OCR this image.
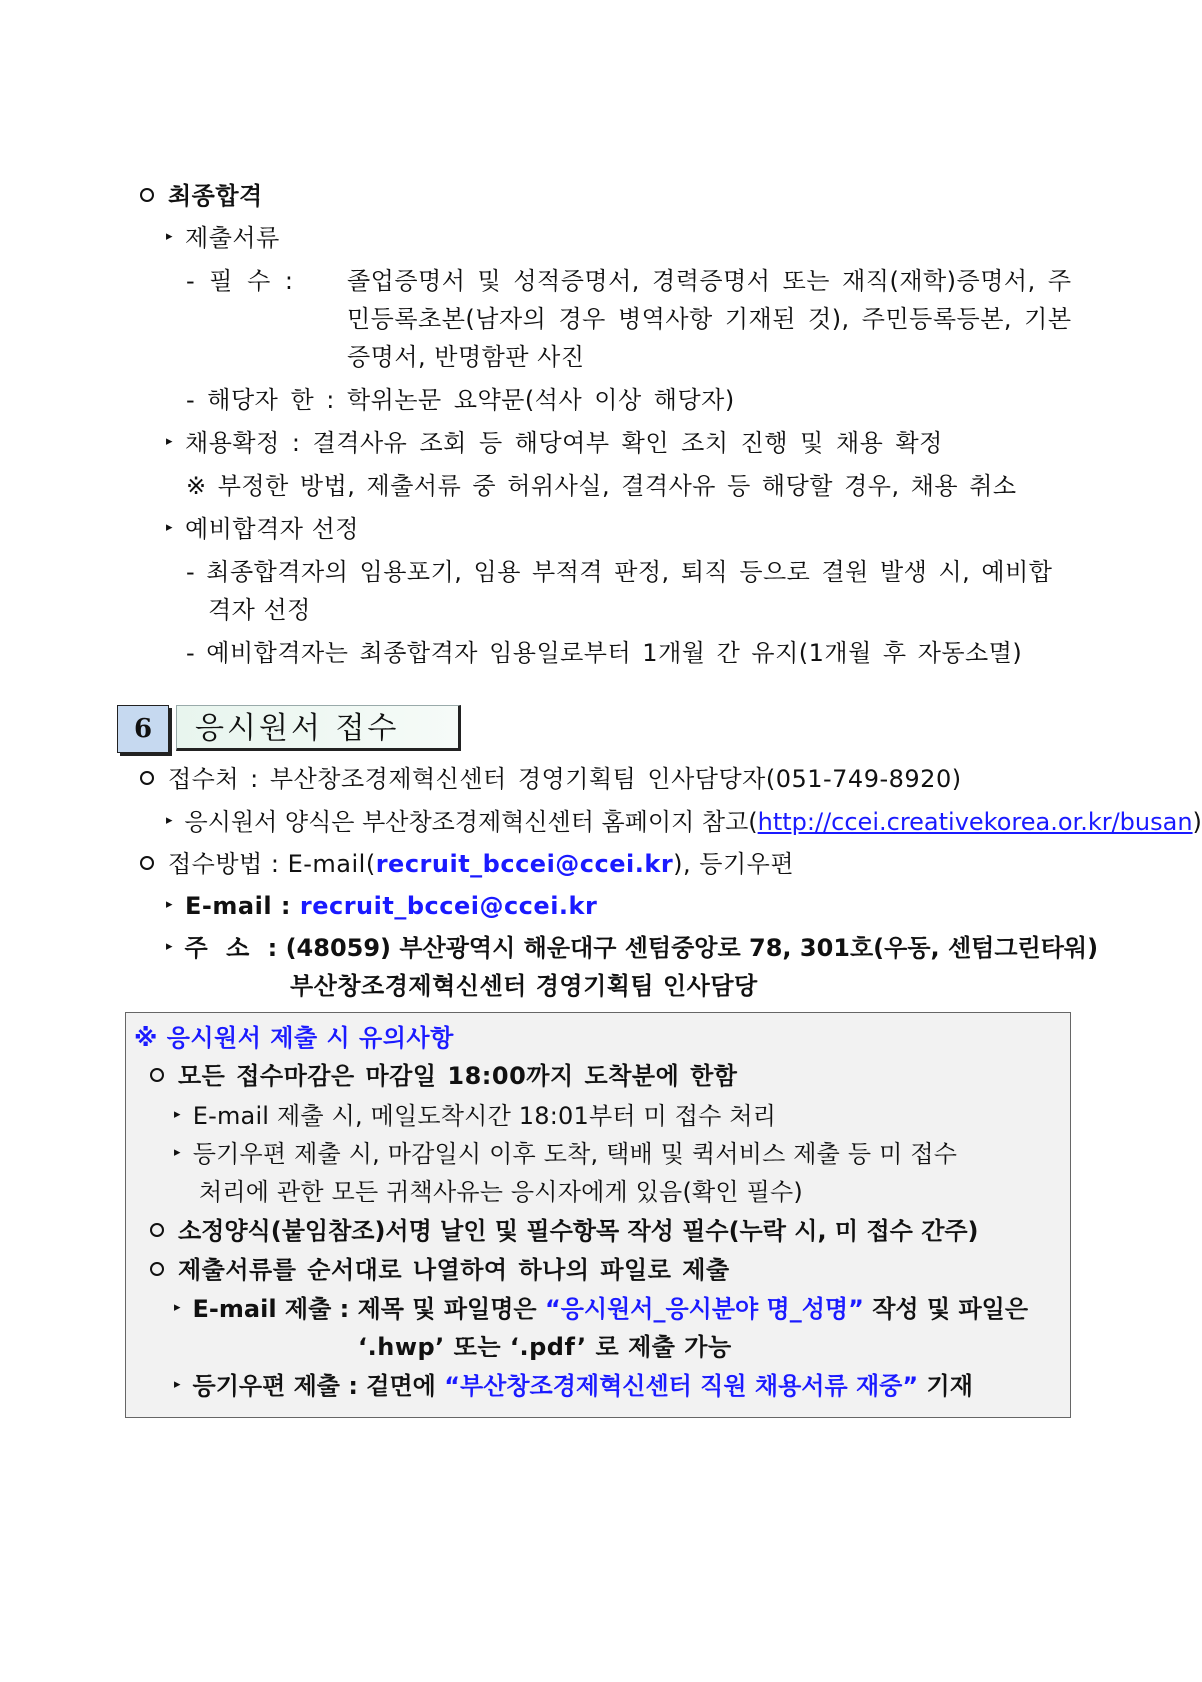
최종합격
▸ 제출서류
- 필 수 : 졸업증명서 및 성적증명서, 경력증명서 또는 재직(재학)증명서, 주
민등록초본(남자의 경우 병역사항 기재된 것), 주민등록등본, 기본
증명서, 반명함판 사진
- 해당자 한 : 학위논문 요약문(석사 이상 해당자)
▸ 채용확정 : 결격사유 조회 등 해당여부 확인 조치 진행 및 채용 확정
※ 부정한 방법, 제출서류 중 허위사실, 결격사유 등 해당할 경우, 채용 취소
▸ 예비합격자 선정
- 최종합격자의 임용포기, 임용 부적격 판정, 퇴직 등으로 결원 발생 시, 예비합
격자 선정
- 예비합격자는 최종합격자 임용일로부터 1개월 간 유지(1개월 후 자동소멸)
6	응시원서 접수
접수처 : 부산창조경제혁신센터 경영기획팀 인사담당자(051-749-8920)
▸ 응시원서 양식은 부산창조경제혁신센터 홈페이지 참고(http://ccei.creativekorea.or.kr/busan)
접수방법 : E-mail(recruit_bccei@ccei.kr), 등기우편
▸ E-mail : recruit_bccei@ccei.kr
▸ 주 소 : (48059) 부산광역시 해운대구 센텀중앙로 78, 301호(우동, 센텀그린타워)
부산창조경제혁신센터 경영기획팀 인사담당
※ 응시원서 제출 시 유의사항
모든 접수마감은 마감일 18:00까지 도착분에 한함
▸ E-mail 제출 시, 메일도착시간 18:01부터 미 접수 처리
▸ 등기우편 제출 시, 마감일시 이후 도착, 택배 및 퀵서비스 제출 등 미 접수
처리에 관한 모든 귀책사유는 응시자에게 있음(확인 필수)
소정양식(붙임참조)서명 날인 및 필수항목 작성 필수(누락 시, 미 접수 간주)
제출서류를 순서대로 나열하여 하나의 파일로 제출
▸ E-mail 제출 : 제목 및 파일명은 “응시원서_응시분야 명_성명” 작성 및 파일은
‘.hwp’ 또는 ‘.pdf’ 로 제출 가능
▸ 등기우편 제출 : 겉면에 “부산창조경제혁신센터 직원 채용서류 재중” 기재
